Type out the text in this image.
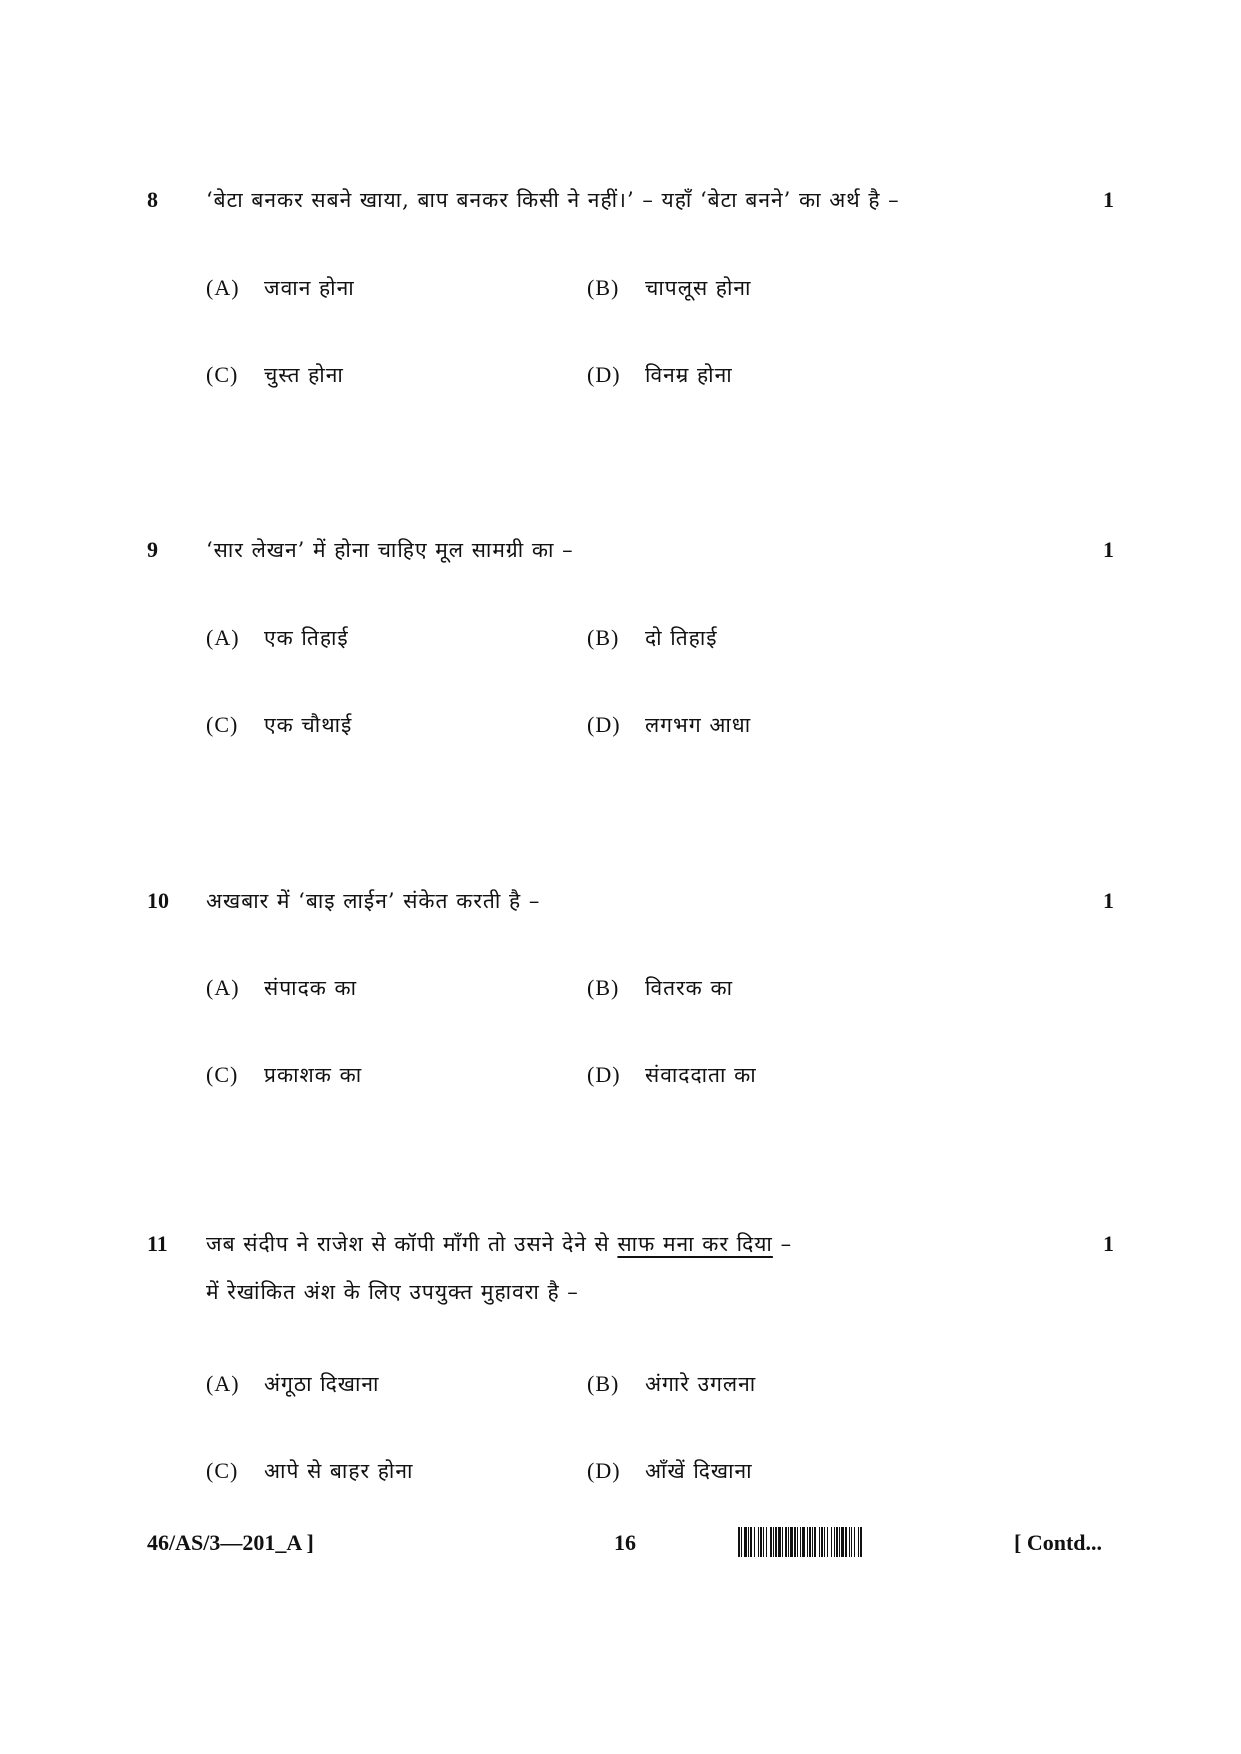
8 ‘बेटा बनकर सबने खाया, बाप बनकर किसी ने नहीं।’ – यहाँ ‘बेटा बनने’ का अर्थ है –	1
(A) जवान होना	(B) चापलूस होना
(C) चुस्त होना	(D) विनम्र होना
9 ‘सार लेखन’ में होना चाहिए मूल सामग्री का –	1
(A) एक तिहाई	(B) दो तिहाई
(C) एक चौथाई	(D) लगभग आधा
10 अखबार में ‘बाइ लाईन’ संकेत करती है –	1
(A) संपादक का	(B) वितरक का
(C) प्रकाशक का	(D) संवाददाता का
11 जब संदीप ने राजेश से कॉपी माँगी तो उसने देने से साफ मना कर दिया –
में रेखांकित अंश के लिए उपयुक्त मुहावरा है –
1
(A) अंगूठा दिखाना	(B) अंगारे उगलना
(C) आपे से बाहर होना	(D) आँखें दिखाना
46/AS/3—201_A ]	16	[ Contd...
